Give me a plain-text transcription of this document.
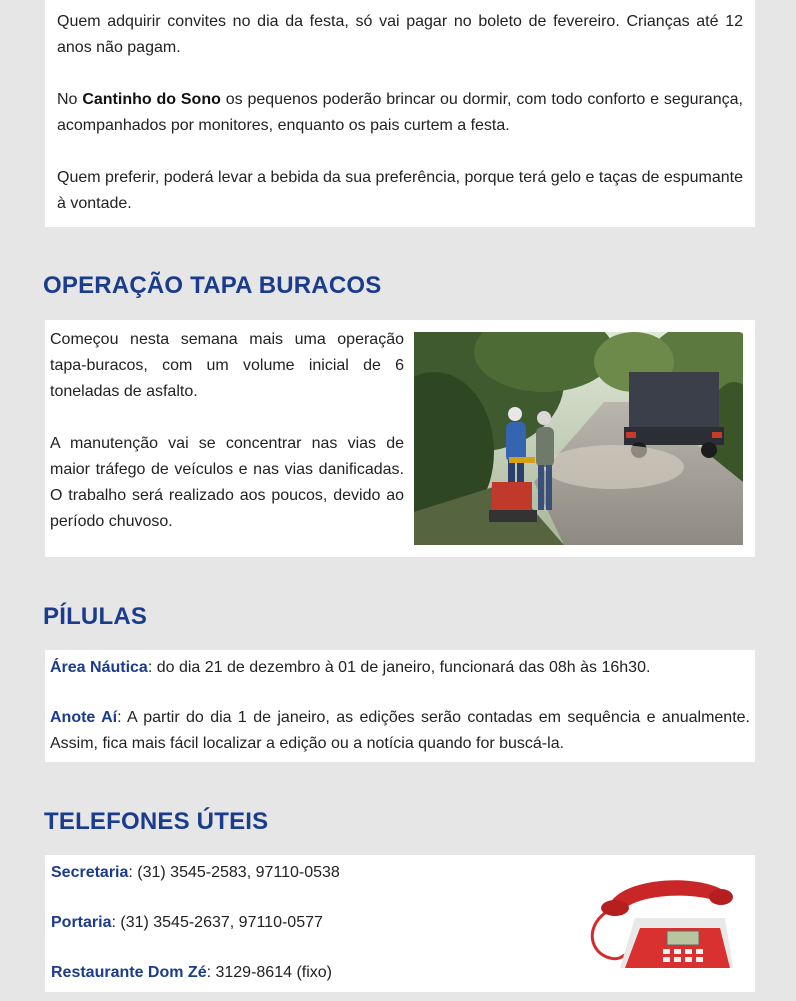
Quem adquirir convites no dia da festa, só vai pagar no boleto de fevereiro. Crianças até 12 anos não pagam.

No Cantinho do Sono os pequenos poderão brincar ou dormir, com todo conforto e segurança, acompanhados por monitores, enquanto os pais curtem a festa.

Quem preferir, poderá levar a bebida da sua preferência, porque terá gelo e taças de espumante à vontade.

OPERAÇÃO TAPA BURACOS

Começou nesta semana mais uma operação tapa-buracos, com um volume inicial de 6 toneladas de asfalto.

A manutenção vai se concentrar nas vias de maior tráfego de veículos e nas vias danificadas. O trabalho será realizado aos poucos, devido ao período chuvoso.

PÍLULAS

Área Náutica: do dia 21 de dezembro à 01 de janeiro, funcionará das 08h às 16h30.

Anote Aí: A partir do dia 1 de janeiro, as edições serão contadas em sequência e anualmente. Assim, fica mais fácil localizar a edição ou a notícia quando for buscá-la.

TELEFONES ÚTEIS

Secretaria: (31) 3545-2583, 97110-0538

Portaria: (31) 3545-2637, 97110-0577

Restaurante Dom Zé: 3129-8614 (fixo)
